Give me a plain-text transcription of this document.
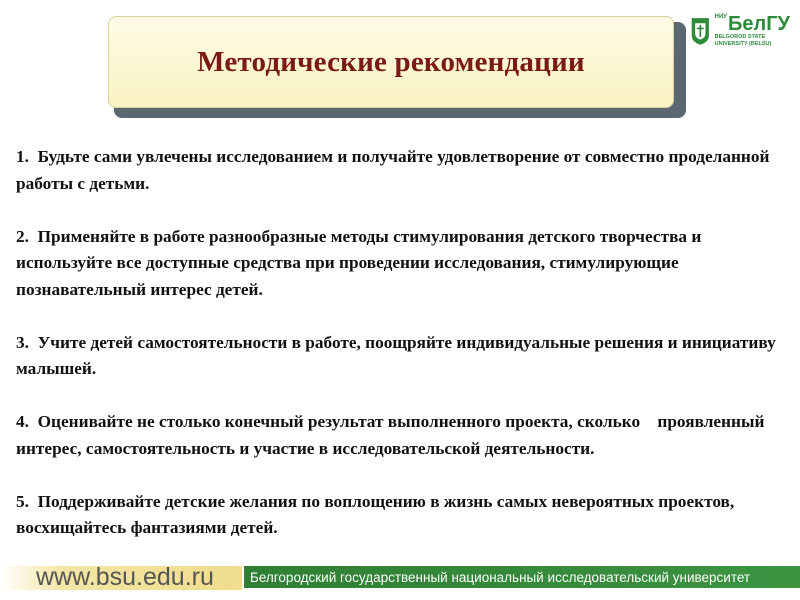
Методические рекомендации
НИУ Бел ГУ
BELGOROD STATE
UNIVERSITY (BELSU)

1.  Будьте сами увлечены исследованием и получайте удовлетворение от совместно проделанной работы с детьми.

2.  Применяйте в работе разнообразные методы стимулирования детского творчества и используйте все доступные средства при проведении исследования, стимулирующие познавательный интерес детей.

3.  Учите детей самостоятельности в работе, поощряйте индивидуальные решения и инициативу малышей.

4.  Оценивайте не столько конечный результат выполненного проекта, сколько    проявленный интерес, самостоятельность и участие в исследовательской деятельности.

5.  Поддерживайте детские желания по воплощению в жизнь самых невероятных проектов, восхищайтесь фантазиями детей.

www.bsu.edu.ru	Белгородский государственный национальный исследовательский университет
